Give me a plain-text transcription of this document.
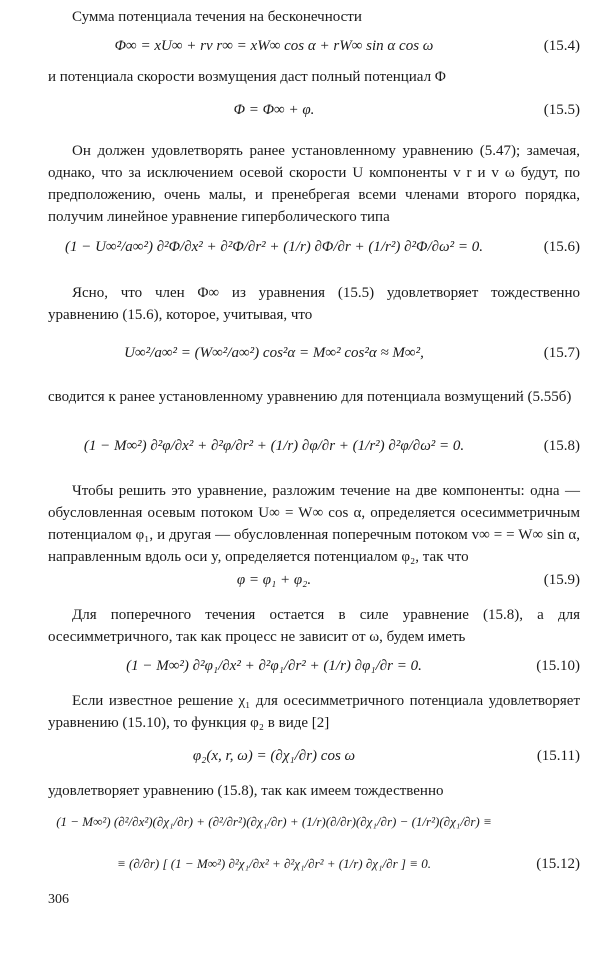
Сумма потенциала течения на бесконечности
Φ∞ = xU∞ + rv r∞ = xW∞ cos α + rW∞ sin α cos ω	(15.4)
и потенциала скорости возмущения даст полный потенциал Φ
Φ = Φ∞ + φ.	(15.5)
Он должен удовлетворять ранее установленному уравнению (5.47); замечая, однако, что за исключением осевой скорости U компоненты v r и v ω будут, по предположению, очень малы, и пренебрегая всеми членами второго порядка, получим линейное уравнение гиперболического типа
(1 − U∞²/a∞²) ∂²Φ/∂x² + ∂²Φ/∂r² + (1/r) ∂Φ/∂r + (1/r²) ∂²Φ/∂ω² = 0.	(15.6)
Ясно, что член Φ∞ из уравнения (15.5) удовлетворяет тождественно уравнению (15.6), которое, учитывая, что
U∞²/a∞² = (W∞²/a∞²) cos²α = M∞² cos²α ≈ M∞²,	(15.7)
сводится к ранее установленному уравнению для потенциала возмущений (5.55б)
(1 − M∞²) ∂²φ/∂x² + ∂²φ/∂r² + (1/r) ∂φ/∂r + (1/r²) ∂²φ/∂ω² = 0.	(15.8)
Чтобы решить это уравнение, разложим течение на две компоненты: одна — обусловленная осевым потоком U∞ = W∞ cos α, определяется осесимметричным потенциалом φ₁, и другая — обусловленная поперечным потоком v∞ = = W∞ sin α, направленным вдоль оси y, определяется потенциалом φ₂, так что
φ = φ₁ + φ₂.	(15.9)
Для поперечного течения остается в силе уравнение (15.8), а для осесимметричного, так как процесс не зависит от ω, будем иметь
(1 − M∞²) ∂²φ₁/∂x² + ∂²φ₁/∂r² + (1/r) ∂φ₁/∂r = 0.	(15.10)
Если известное решение χ₁ для осесимметричного потенциала удовлетворяет уравнению (15.10), то функция φ₂ в виде [2]
φ₂(x, r, ω) = (∂χ₁/∂r) cos ω	(15.11)
удовлетворяет уравнению (15.8), так как имеем тождественно
(1 − M∞²) (∂²/∂x²)(∂χ₁/∂r) + (∂²/∂r²)(∂χ₁/∂r) + (1/r)(∂/∂r)(∂χ₁/∂r) − (1/r²)(∂χ₁/∂r) ≡
≡ (∂/∂r) [ (1 − M∞²) ∂²χ₁/∂x² + ∂²χ₁/∂r² + (1/r) ∂χ₁/∂r ] ≡ 0.	(15.12)
306
